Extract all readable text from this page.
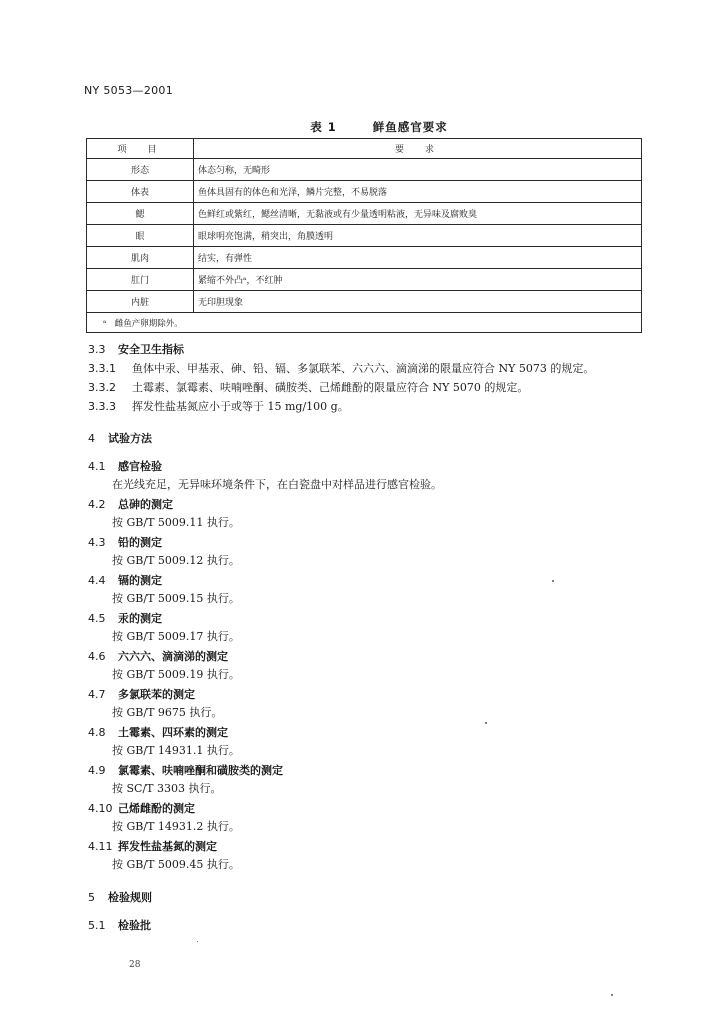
NY 5053—2001
表 1	鲜鱼感官要求
项　目	要　求
形态	体态匀称，无畸形
体表	鱼体具固有的体色和光泽，鳞片完整，不易脱落
鳃	色鲜红或紫红，鳃丝清晰，无黏液或有少量透明粘液，无异味及腐败臭
眼	眼球明亮饱满，稍突出，角膜透明
肌肉	结实，有弹性
肛门	紧缩不外凸ᵃ，不红肿
内脏	无印胆现象
ᵃ　雌鱼产卵期除外。	
3.3 安全卫生指标
3.3.1 鱼体中汞、甲基汞、砷、铅、镉、多氯联苯、六六六、滴滴涕的限量应符合 NY 5073 的规定。
3.3.2 土霉素、氯霉素、呋喃唑酮、磺胺类、己烯雌酚的限量应符合 NY 5070 的规定。
3.3.3 挥发性盐基氮应小于或等于 15 mg/100 g。
4 试验方法
4.1 感官检验
在光线充足，无异味环境条件下，在白瓷盘中对样品进行感官检验。
4.2 总砷的测定
按 GB/T 5009.11 执行。
4.3 铅的测定
按 GB/T 5009.12 执行。
4.4 镉的测定
按 GB/T 5009.15 执行。
4.5 汞的测定
按 GB/T 5009.17 执行。
4.6 六六六、滴滴涕的测定
按 GB/T 5009.19 执行。
4.7 多氯联苯的测定
按 GB/T 9675 执行。
4.8 土霉素、四环素的测定
按 GB/T 14931.1 执行。
4.9 氯霉素、呋喃唑酮和磺胺类的测定
按 SC/T 3303 执行。
4.10 己烯雌酚的测定
按 GB/T 14931.2 执行。
4.11 挥发性盐基氮的测定
按 GB/T 5009.45 执行。
5 检验规则
5.1 检验批
28
